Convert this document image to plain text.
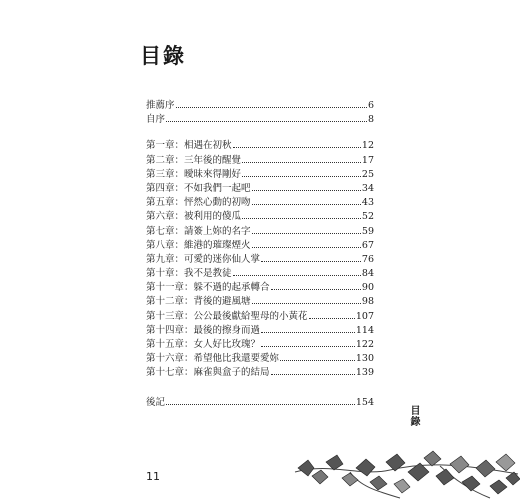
目錄
推薦序	6
自序	8
第一章：相遇在初秋	12
第二章：三年後的醒覺	17
第三章：曖昧來得剛好	25
第四章：不如我們一起吧	34
第五章：怦然心動的初吻	43
第六章：被利用的傻瓜	52
第七章：請簽上妳的名字	59
第八章：維港的璀璨煙火	67
第九章：可愛的迷你仙人掌	76
第十章：我不是教徒	84
第十一章：躲不過的起承轉合	90
第十二章：背後的避風塘	98
第十三章：公公最後獻給聖母的小黃花	107
第十四章：最後的擦身而過	114
第十五章：女人好比玫瑰？	122
第十六章：希望他比我還要愛妳	130
第十七章：麻雀與盒子的結局	139
後記	154
目錄
11
